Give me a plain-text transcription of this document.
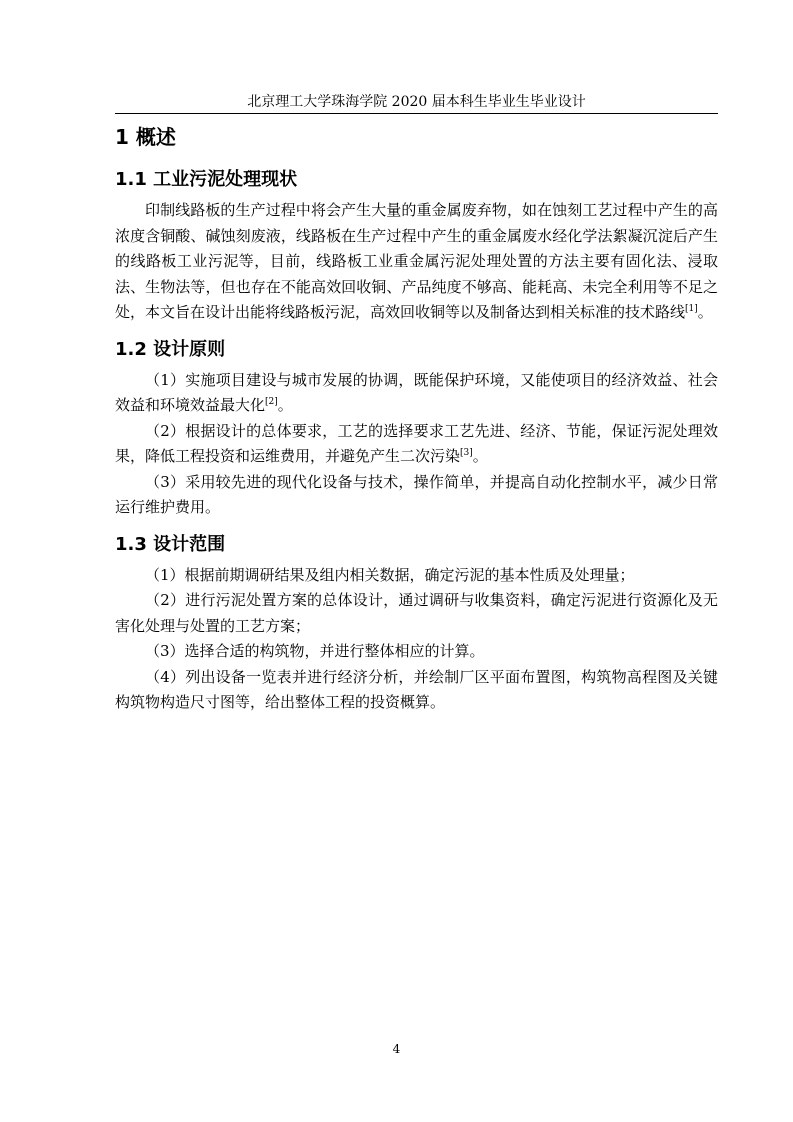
北京理工大学珠海学院 2020 届本科生毕业生毕业设计
1 概述
1.1 工业污泥处理现状

印制线路板的生产过程中将会产生大量的重金属废弃物，如在蚀刻工艺过程中产生的高浓度含铜酸、碱蚀刻废液，线路板在生产过程中产生的重金属废水经化学法絮凝沉淀后产生的线路板工业污泥等，目前，线路板工业重金属污泥处理处置的方法主要有固化法、浸取法、生物法等，但也存在不能高效回收铜、产品纯度不够高、能耗高、未完全利用等不足之处，本文旨在设计出能将线路板污泥，高效回收铜等以及制备达到相关标准的技术路线[1]。

1.2 设计原则

（1）实施项目建设与城市发展的协调，既能保护环境，又能使项目的经济效益、社会效益和环境效益最大化[2]。

（2）根据设计的总体要求，工艺的选择要求工艺先进、经济、节能，保证污泥处理效果，降低工程投资和运维费用，并避免产生二次污染[3]。

（3）采用较先进的现代化设备与技术，操作简单，并提高自动化控制水平，减少日常运行维护费用。

1.3 设计范围

（1）根据前期调研结果及组内相关数据，确定污泥的基本性质及处理量；

（2）进行污泥处置方案的总体设计，通过调研与收集资料，确定污泥进行资源化及无害化处理与处置的工艺方案；

（3）选择合适的构筑物，并进行整体相应的计算。

（4）列出设备一览表并进行经济分析，并绘制厂区平面布置图，构筑物高程图及关键构筑物构造尺寸图等，给出整体工程的投资概算。

4
